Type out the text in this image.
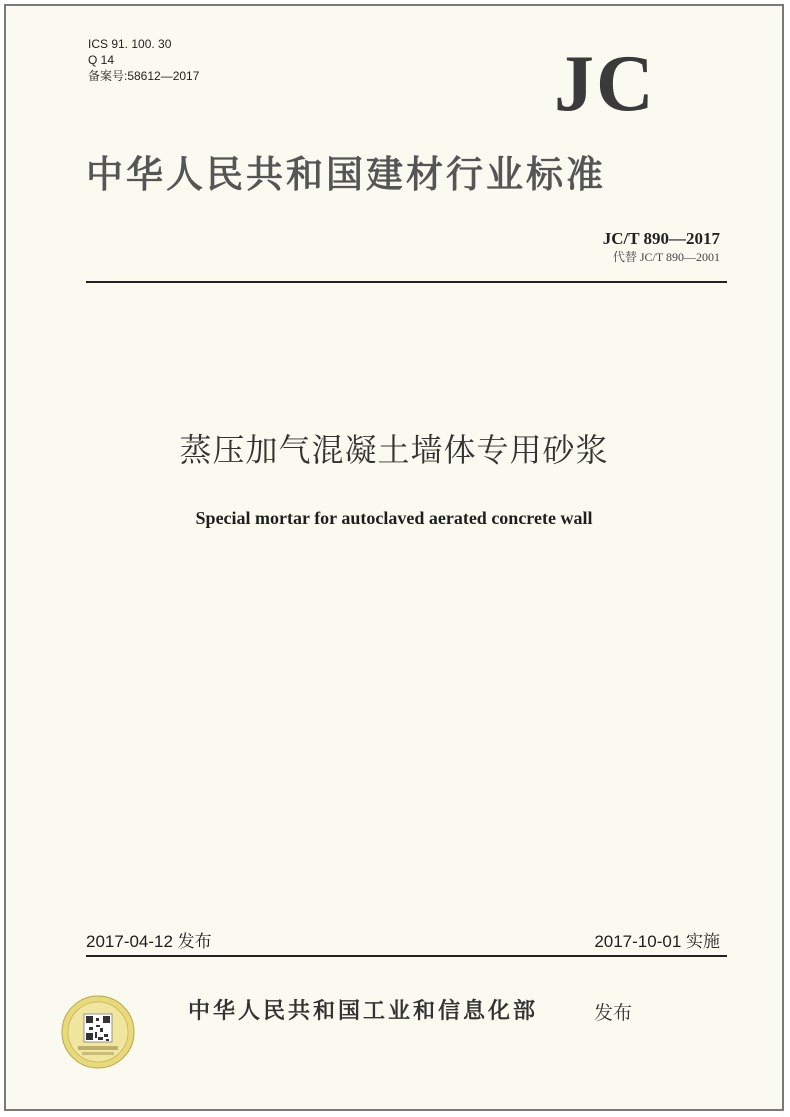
ICS 91. 100. 30
Q 14
备案号:58612—2017	JC
中华人民共和国建材行业标准
JC/T 890—2017
代替 JC/T 890—2001
蒸压加气混凝土墙体专用砂浆
Special mortar for autoclaved aerated concrete wall
2017-04-12 发布	2017-10-01 实施
中华人民共和国工业和信息化部	发布
